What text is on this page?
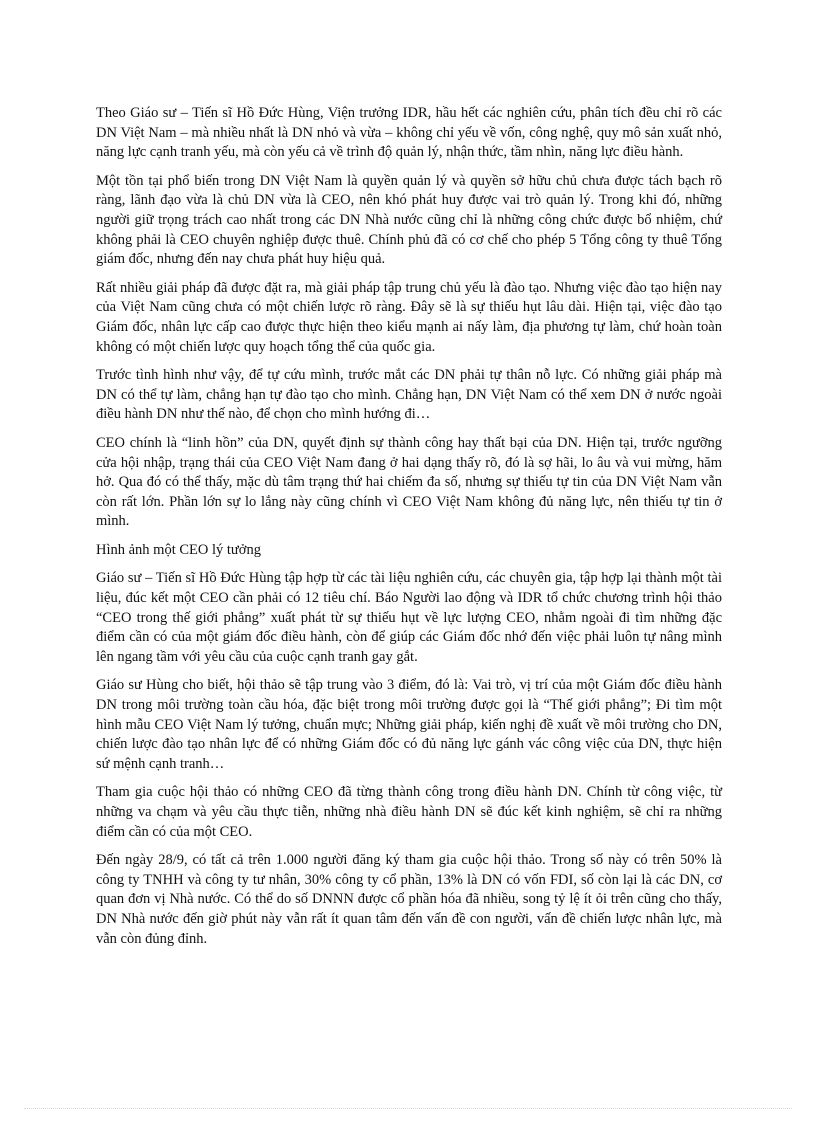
Theo Giáo sư – Tiến sĩ Hồ Đức Hùng, Viện trưởng IDR, hầu hết các nghiên cứu, phân tích đều chỉ rõ các DN Việt Nam – mà nhiều nhất là DN nhỏ và vừa – không chỉ yếu về vốn, công nghệ, quy mô sản xuất nhỏ, năng lực cạnh tranh yếu, mà còn yếu cả về trình độ quản lý, nhận thức, tầm nhìn, năng lực điều hành.

Một tồn tại phổ biến trong DN Việt Nam là quyền quản lý và quyền sở hữu chủ chưa được tách bạch rõ ràng, lãnh đạo vừa là chủ DN vừa là CEO, nên khó phát huy được vai trò quản lý. Trong khi đó, những người giữ trọng trách cao nhất trong các DN Nhà nước cũng chỉ là những công chức được bổ nhiệm, chứ không phải là CEO chuyên nghiệp được thuê. Chính phủ đã có cơ chế cho phép 5 Tổng công ty thuê Tổng giám đốc, nhưng đến nay chưa phát huy hiệu quả.

Rất nhiều giải pháp đã được đặt ra, mà giải pháp tập trung chủ yếu là đào tạo. Nhưng việc đào tạo hiện nay của Việt Nam cũng chưa có một chiến lược rõ ràng. Đây sẽ là sự thiếu hụt lâu dài. Hiện tại, việc đào tạo Giám đốc, nhân lực cấp cao được thực hiện theo kiểu mạnh ai nấy làm, địa phương tự làm, chứ hoàn toàn không có một chiến lược quy hoạch tổng thể của quốc gia.

Trước tình hình như vậy, để tự cứu mình, trước mắt các DN phải tự thân nỗ lực. Có những giải pháp mà DN có thể tự làm, chẳng hạn tự đào tạo cho mình. Chẳng hạn, DN Việt Nam có thể xem DN ở nước ngoài điều hành DN như thế nào, để chọn cho mình hướng đi…

CEO chính là “linh hồn” của DN, quyết định sự thành công hay thất bại của DN. Hiện tại, trước ngưỡng cửa hội nhập, trạng thái của CEO Việt Nam đang ở hai dạng thấy rõ, đó là sợ hãi, lo âu và vui mừng, hăm hở. Qua đó có thể thấy, mặc dù tâm trạng thứ hai chiếm đa số, nhưng sự thiếu tự tin của DN Việt Nam vẫn còn rất lớn. Phần lớn sự lo lắng này cũng chính vì CEO Việt Nam không đủ năng lực, nên thiếu tự tin ở mình.

Hình ảnh một CEO lý tưởng

Giáo sư – Tiến sĩ Hồ Đức Hùng tập hợp từ các tài liệu nghiên cứu, các chuyên gia, tập hợp lại thành một tài liệu, đúc kết một CEO cần phải có 12 tiêu chí. Báo Người lao động và IDR tổ chức chương trình hội thảo “CEO trong thế giới phẳng” xuất phát từ sự thiếu hụt về lực lượng CEO, nhằm ngoài đi tìm những đặc điểm cần có của một giám đốc điều hành, còn để giúp các Giám đốc nhớ đến việc phải luôn tự nâng mình lên ngang tầm với yêu cầu của cuộc cạnh tranh gay gắt.

Giáo sư Hùng cho biết, hội thảo sẽ tập trung vào 3 điểm, đó là: Vai trò, vị trí của một Giám đốc điều hành DN trong môi trường toàn cầu hóa, đặc biệt trong môi trường được gọi là “Thế giới phẳng”; Đi tìm một hình mẫu CEO Việt Nam lý tưởng, chuẩn mực; Những giải pháp, kiến nghị đề xuất về môi trường cho DN, chiến lược đào tạo nhân lực để có những Giám đốc có đủ năng lực gánh vác công việc của DN, thực hiện sứ mệnh cạnh tranh…

Tham gia cuộc hội thảo có những CEO đã từng thành công trong điều hành DN. Chính từ công việc, từ những va chạm và yêu cầu thực tiễn, những nhà điều hành DN sẽ đúc kết kinh nghiệm, sẽ chỉ ra những điểm cần có của một CEO.

Đến ngày 28/9, có tất cả trên 1.000 người đăng ký tham gia cuộc hội thảo. Trong số này có trên 50% là công ty TNHH và công ty tư nhân, 30% công ty cổ phần, 13% là DN có vốn FDI, số còn lại là các DN, cơ quan đơn vị Nhà nước. Có thể do số DNNN được cổ phần hóa đã nhiều, song tỷ lệ ít ỏi trên cũng cho thấy, DN Nhà nước đến giờ phút này vẫn rất ít quan tâm đến vấn đề con người, vấn đề chiến lược nhân lực, mà vẫn còn đủng đỉnh.
